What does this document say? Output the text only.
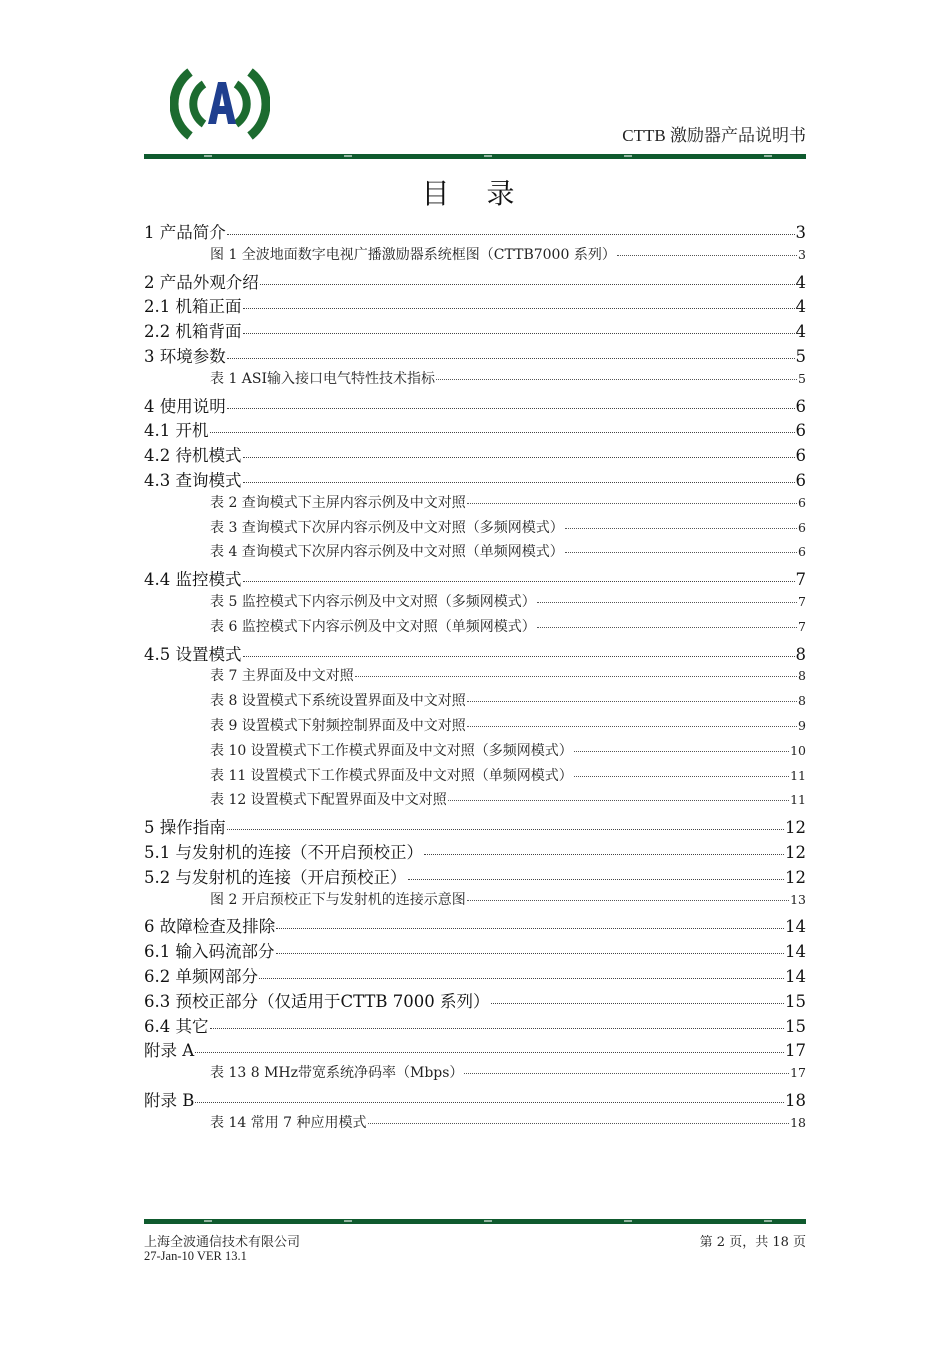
CTTB 激励器产品说明书
目 录
1 产品简介	3
图 1 全波地面数字电视广播激励器系统框图（CTTB7000 系列）	3
2 产品外观介绍	4
2.1 机箱正面	4
2.2 机箱背面	4
3 环境参数	5
表 1 ASI输入接口电气特性技术指标	5
4 使用说明	6
4.1 开机	6
4.2 待机模式	6
4.3 查询模式	6
表 2 查询模式下主屏内容示例及中文对照	6
表 3 查询模式下次屏内容示例及中文对照（多频网模式）	6
表 4 查询模式下次屏内容示例及中文对照（单频网模式）	6
4.4 监控模式	7
表 5 监控模式下内容示例及中文对照（多频网模式）	7
表 6 监控模式下内容示例及中文对照（单频网模式）	7
4.5 设置模式	8
表 7 主界面及中文对照	8
表 8 设置模式下系统设置界面及中文对照	8
表 9 设置模式下射频控制界面及中文对照	9
表 10 设置模式下工作模式界面及中文对照（多频网模式）	10
表 11 设置模式下工作模式界面及中文对照（单频网模式）	11
表 12 设置模式下配置界面及中文对照	11
5 操作指南	12
5.1 与发射机的连接（不开启预校正）	12
5.2 与发射机的连接（开启预校正）	12
图 2 开启预校正下与发射机的连接示意图	13
6 故障检查及排除	14
6.1 输入码流部分	14
6.2 单频网部分	14
6.3 预校正部分（仅适用于CTTB 7000 系列）	15
6.4 其它	15
附录 A	17
表 13 8 MHz带宽系统净码率（Mbps）	17
附录 B	18
表 14 常用 7 种应用模式	18
上海全波通信技术有限公司
27-Jan-10 VER 13.1
第 2 页，共 18 页
